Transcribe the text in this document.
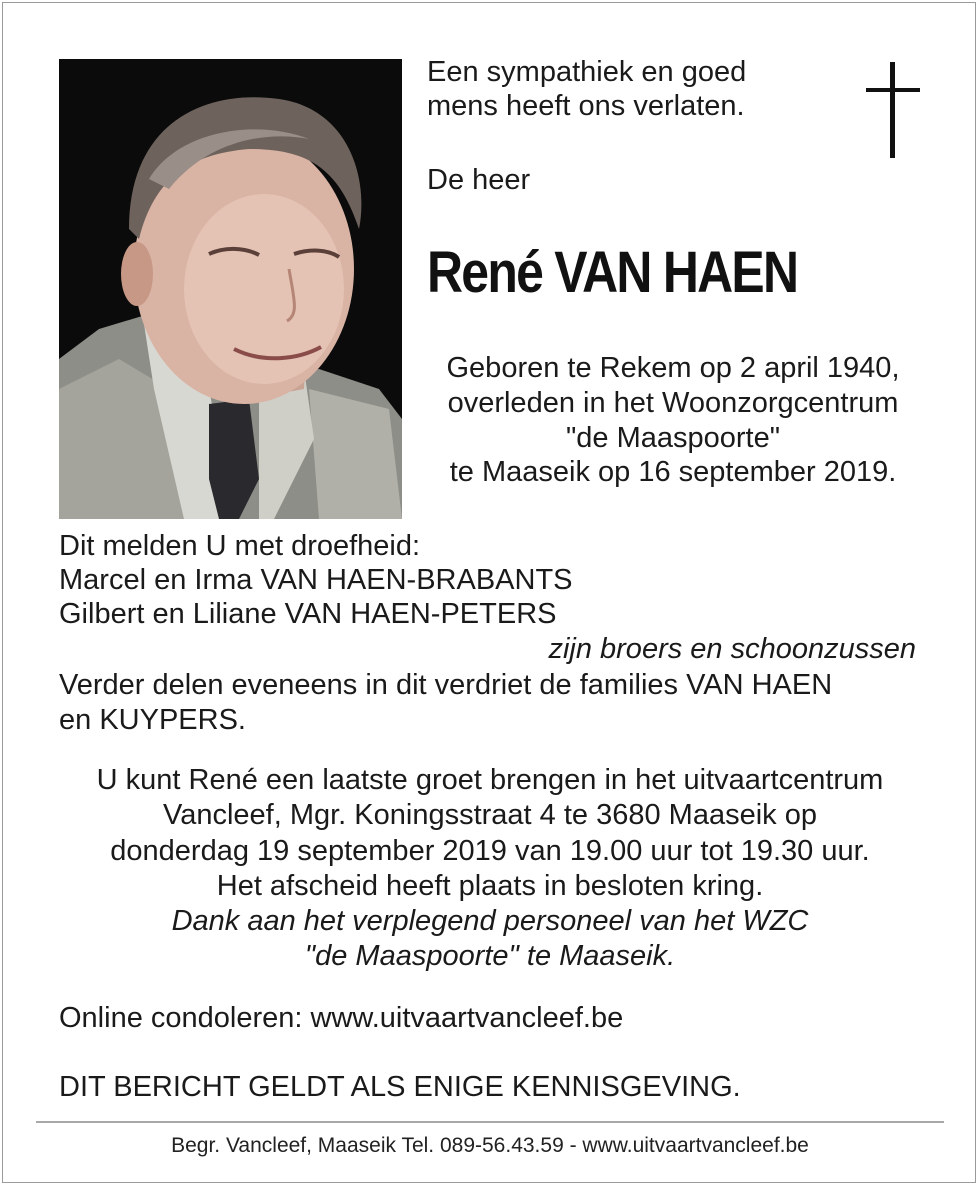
Een sympathiek en goed
mens heeft ons verlaten.
De heer
René VAN HAEN
Geboren te Rekem op 2 april 1940,
overleden in het Woonzorgcentrum
"de Maaspoorte"
te Maaseik op 16 september 2019.
Dit melden U met droefheid:
Marcel en Irma VAN HAEN-BRABANTS
Gilbert en Liliane VAN HAEN-PETERS
zijn broers en schoonzussen
Verder delen eveneens in dit verdriet de families VAN HAEN
en KUYPERS.
U kunt René een laatste groet brengen in het uitvaartcentrum
Vancleef, Mgr. Koningsstraat 4 te 3680 Maaseik op
donderdag 19 september 2019 van 19.00 uur tot 19.30 uur.
Het afscheid heeft plaats in besloten kring.
Dank aan het verplegend personeel van het WZC
"de Maaspoorte" te Maaseik.
Online condoleren: www.uitvaartvancleef.be
DIT BERICHT GELDT ALS ENIGE KENNISGEVING.
Begr. Vancleef, Maaseik Tel. 089-56.43.59 - www.uitvaartvancleef.be
